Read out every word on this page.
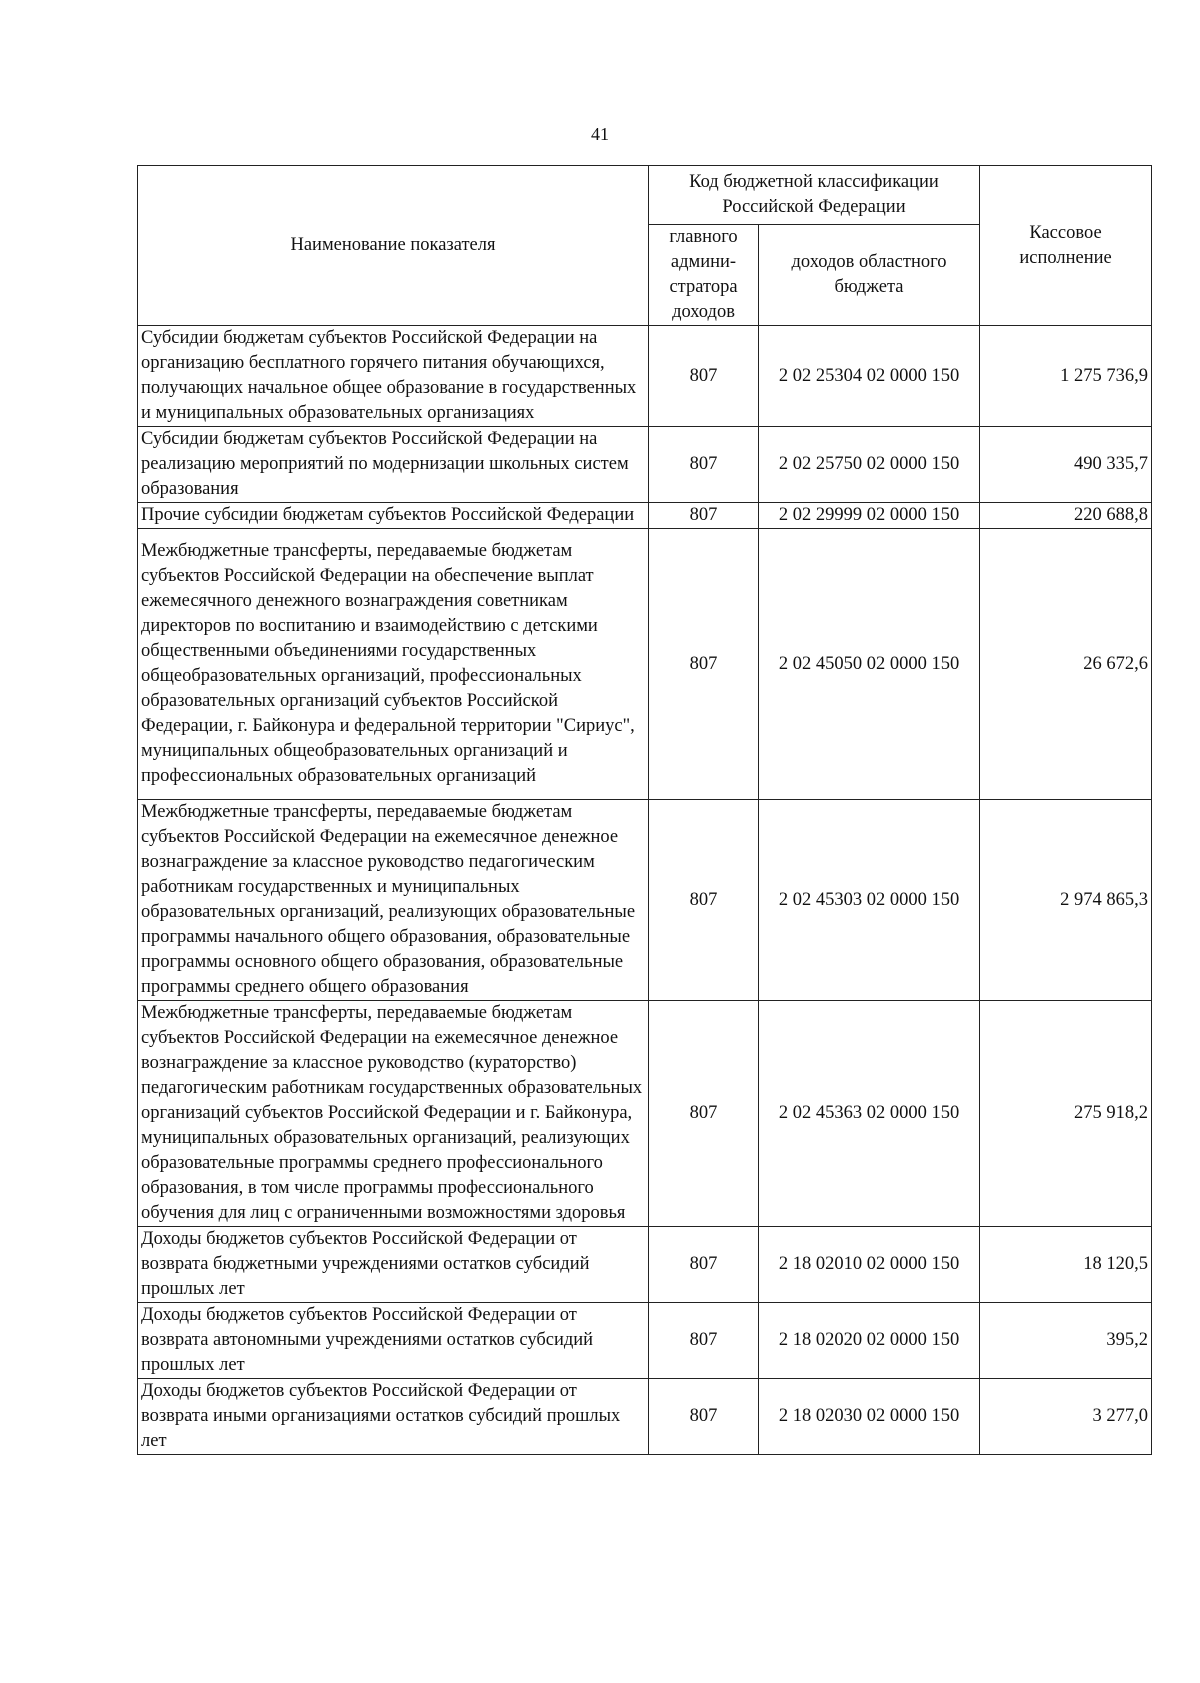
41
Наименование показателя	Код бюджетной классификации Российской Федерации		Кассовое исполнение
	главного админи- стратора доходов	доходов областного бюджета	
Субсидии бюджетам субъектов Российской Федерации на организацию бесплатного горячего питания обучающихся, получающих начальное общее образование в государственных и муниципальных образовательных организациях	807	2 02 25304 02 0000 150	1 275 736,9
Субсидии бюджетам субъектов Российской Федерации на реализацию мероприятий по модернизации школьных систем образования	807	2 02 25750 02 0000 150	490 335,7
Прочие субсидии бюджетам субъектов Российской Федерации	807	2 02 29999 02 0000 150	220 688,8
Межбюджетные трансферты, передаваемые бюджетам субъектов Российской Федерации на обеспечение выплат ежемесячного денежного вознаграждения советникам директоров по воспитанию и взаимодействию с детскими общественными объединениями государственных общеобразовательных организаций, профессиональных образовательных организаций субъектов Российской Федерации, г. Байконура и федеральной территории "Сириус", муниципальных общеобразовательных организаций и профессиональных образовательных организаций	807	2 02 45050 02 0000 150	26 672,6
Межбюджетные трансферты, передаваемые бюджетам субъектов Российской Федерации на ежемесячное денежное вознаграждение за классное руководство педагогическим работникам государственных и муниципальных образовательных организаций, реализующих образовательные программы начального общего образования, образовательные программы основного общего образования, образовательные программы среднего общего образования	807	2 02 45303 02 0000 150	2 974 865,3
Межбюджетные трансферты, передаваемые бюджетам субъектов Российской Федерации на ежемесячное денежное вознаграждение за классное руководство (кураторство) педагогическим работникам государственных образовательных организаций субъектов Российской Федерации и г. Байконура, муниципальных образовательных организаций, реализующих образовательные программы среднего профессионального образования, в том числе программы профессионального обучения для лиц с ограниченными возможностями здоровья	807	2 02 45363 02 0000 150	275 918,2
Доходы бюджетов субъектов Российской Федерации от возврата бюджетными учреждениями остатков субсидий прошлых лет	807	2 18 02010 02 0000 150	18 120,5
Доходы бюджетов субъектов Российской Федерации от возврата автономными учреждениями остатков субсидий прошлых лет	807	2 18 02020 02 0000 150	395,2
Доходы бюджетов субъектов Российской Федерации от возврата иными организациями остатков субсидий прошлых лет	807	2 18 02030 02 0000 150	3 277,0
